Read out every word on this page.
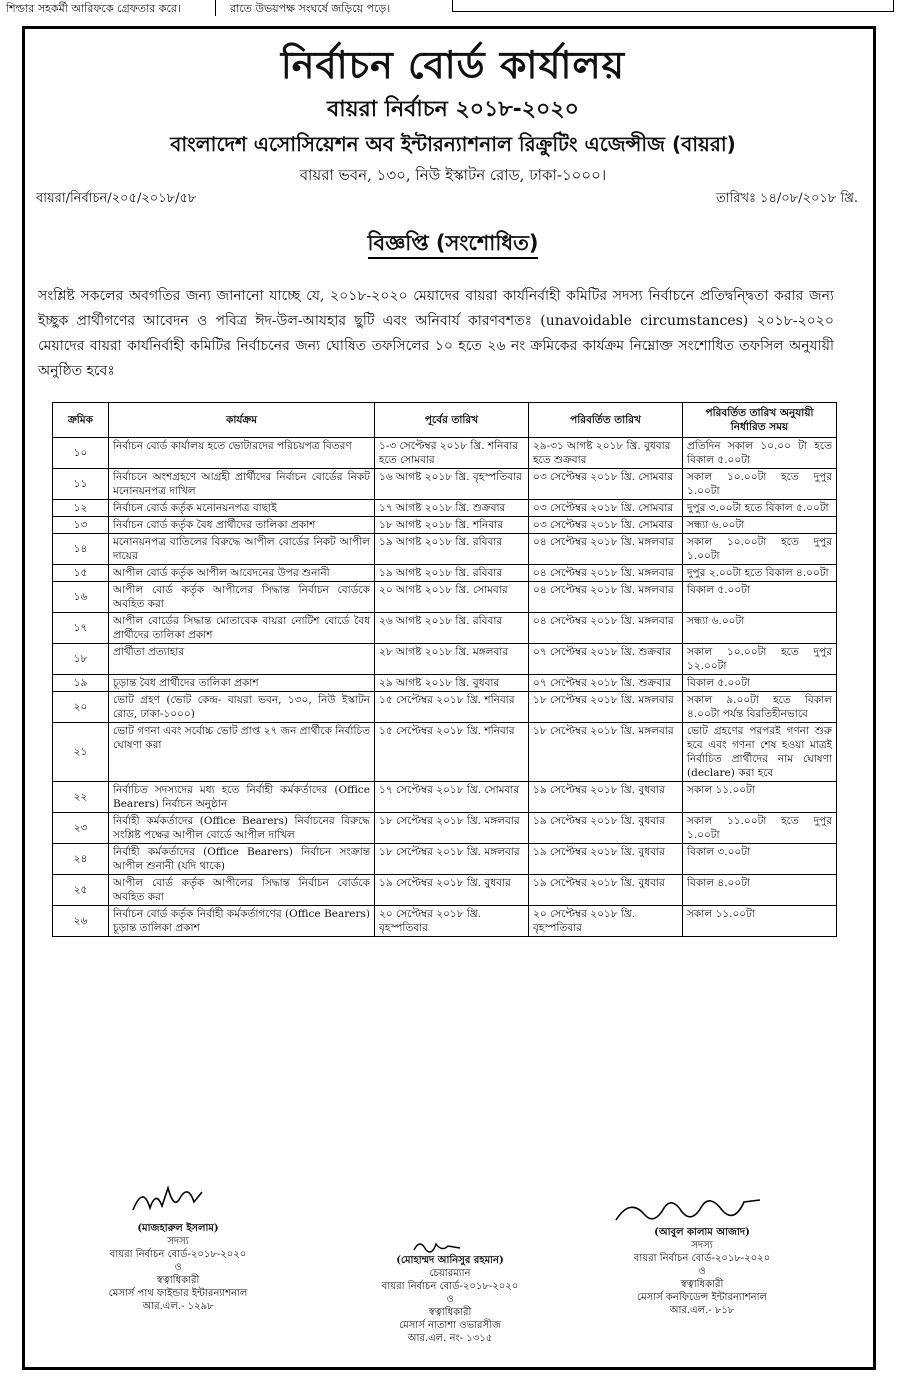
শিল্ডার সহকর্মী আরিফকে গ্রেফতার করে।	রাতে উভয়পক্ষ সংঘর্ষে জড়িয়ে পড়ে।
নির্বাচন বোর্ড কার্যালয়
বায়রা নির্বাচন ২০১৮-২০২০
বাংলাদেশ এসোসিয়েশন অব ইন্টারন্যাশনাল রিক্রুটিং এজেন্সীজ (বায়রা)
বায়রা ভবন, ১৩০, নিউ ইস্কাটন রোড, ঢাকা-১০০০।
বায়রা/নির্বাচন/২০৫/২০১৮/৫৮	তারিখঃ ১৪/০৮/২০১৮ খ্রি.
বিজ্ঞপ্তি (সংশোধিত)
সংশ্লিষ্ট সকলের অবগতির জন্য জানানো যাচ্ছে যে, ২০১৮-২০২০ মেয়াদের বায়রা কার্যনির্বাহী কমিটির সদস্য নির্বাচনে প্রতিদ্বন্দ্বিতা করার জন্য ইচ্ছুক প্রার্থীগণের আবেদন ও পবিত্র ঈদ-উল-আযহার ছুটি এবং অনিবার্য কারণবশতঃ (unavoidable circumstances) ২০১৮-২০২০ মেয়াদের বায়রা কার্যনির্বাহী কমিটির নির্বাচনের জন্য ঘোষিত তফসিলের ১০ হতে ২৬ নং ক্রমিকের কার্যক্রম নিম্নোক্ত সংশোধিত তফসিল অনুযায়ী অনুষ্ঠিত হবেঃ
ক্রমিক	কার্যক্রম	পূর্বের তারিখ	পরিবর্তিত তারিখ	পরিবর্তিত তারিখ অনুযায়ী নির্ধারিত সময়
১০	নির্বাচন বোর্ড কার্যালয় হতে ভোটারদের পরিচয়পত্র বিতরণ	১-৩ সেপ্টেম্বর ২০১৮ খ্রি. শনিবার হতে সোমবার	২৯-৩১ আগষ্ট ২০১৮ খ্রি. বুধবার হতে শুক্রবার	প্রতিদিন সকাল ১০.০০ টা হতে বিকাল ৫.০০টা
১১	নির্বাচনে অংশগ্রহণে আগ্রহী প্রার্থীদের নির্বাচন বোর্ডের নিকট মনোনয়নপত্র দাখিল	১৬ আগষ্ট ২০১৮ খ্রি. বৃহস্পতিবার	০৩ সেপ্টেম্বর ২০১৮ খ্রি. সোমবার	সকাল ১০.০০টা হতে দুপুর ১.০০টা
১২	নির্বাচন বোর্ড কর্তৃক মনোনয়নপত্র বাছাই	১৭ আগষ্ট ২০১৮ খ্রি. শুক্রবার	০৩ সেপ্টেম্বর ২০১৮ খ্রি. সোমবার	দুপুর ৩.০০টা হতে বিকাল ৫.০০টা
১৩	নির্বাচন বোর্ড কর্তৃক বৈধ প্রার্থীদের তালিকা প্রকাশ	১৮ আগষ্ট ২০১৮ খ্রি. শনিবার	০৩ সেপ্টেম্বর ২০১৮ খ্রি. সোমবার	সন্ধ্যা ৬.০০টা
১৪	মনোনয়নপত্র বাতিলের বিরুদ্ধে আপীল বোর্ডের নিকট আপীল দায়ের	১৯ আগষ্ট ২০১৮ খ্রি. রবিবার	০৪ সেপ্টেম্বর ২০১৮ খ্রি. মঙ্গলবার	সকাল ১০.০০টা হতে দুপুর ১.০০টা
১৫	আপীল বোর্ড কর্তৃক আপীল আবেদনের উপর শুনানী	১৯ আগষ্ট ২০১৮ খ্রি. রবিবার	০৪ সেপ্টেম্বর ২০১৮ খ্রি. মঙ্গলবার	দুপুর ২.০০টা হতে বিকাল ৪.০০টা
১৬	আপীল বোর্ড কর্তৃক আপীলের সিদ্ধান্ত নির্বাচন বোর্ডকে অবহিত করা	২০ আগষ্ট ২০১৮ খ্রি. সোমবার	০৪ সেপ্টেম্বর ২০১৮ খ্রি. মঙ্গলবার	বিকাল ৫.০০টা
১৭	আপীল বোর্ডের সিদ্ধান্ত মোতাবেক বায়রা নোটিশ বোর্ডে বৈধ প্রার্থীদের তালিকা প্রকাশ	২৬ আগষ্ট ২০১৮ খ্রি. রবিবার	০৪ সেপ্টেম্বর ২০১৮ খ্রি. মঙ্গলবার	সন্ধ্যা ৬.০০টা
১৮	প্রার্থীতা প্রত্যাহার	২৮ আগষ্ট ২০১৮ খ্রি. মঙ্গলবার	০৭ সেপ্টেম্বর ২০১৮ খ্রি. শুক্রবার	সকাল ১০.০০টা হতে দুপুর ১২.০০টা
১৯	চূড়ান্ত বৈধ প্রার্থীদের তালিকা প্রকাশ	২৯ আগষ্ট ২০১৮ খ্রি. বুধবার	০৭ সেপ্টেম্বর ২০১৮ খ্রি. শুক্রবার	বিকাল ৫.০০টা
২০	ভোট গ্রহণ (ভোট কেন্দ্র- বায়রা ভবন, ১৩০, নিউ ইস্কাটন রোড, ঢাকা-১০০০)	১৫ সেপ্টেম্বর ২০১৮ খ্রি. শনিবার	১৮ সেপ্টেম্বর ২০১৮ খ্রি. মঙ্গলবার	সকাল ৯.০০টা হতে বিকাল ৪.০০টা পর্যন্ত বিরতিহীনভাবে
২১	ভোট গণনা এবং সর্বোচ্চ ভোট প্রাপ্ত ২৭ জন প্রার্থীকে নির্বাচিত ঘোষণা করা	১৫ সেপ্টেম্বর ২০১৮ খ্রি. শনিবার	১৮ সেপ্টেম্বর ২০১৮ খ্রি. মঙ্গলবার	ভোট গ্রহণের পরপরই গণনা শুরু হবে এবং গণনা শেষ হওয়া মাত্রই নির্বাচিত প্রার্থীদের নাম ঘোষণা (declare) করা হবে
২২	নির্বাচিত সদস্যদের মধ্য হতে নির্বাহী কর্মকর্তাদের (Office Bearers) নির্বাচন অনুষ্ঠান	১৭ সেপ্টেম্বর ২০১৮ খ্রি. সোমবার	১৯ সেপ্টেম্বর ২০১৮ খ্রি. বুধবার	সকাল ১১.০০টা
২৩	নির্বাহী কর্মকর্তাদের (Office Bearers) নির্বাচনের বিরুদ্ধে সংশ্লিষ্ট পক্ষের আপীল বোর্ডে আপীল দাখিল	১৮ সেপ্টেম্বর ২০১৮ খ্রি. মঙ্গলবার	১৯ সেপ্টেম্বর ২০১৮ খ্রি. বুধবার	সকাল ১১.০০টা হতে দুপুর ১.০০টা
২৪	নির্বাহী কর্মকর্তাদের (Office Bearers) নির্বাচন সংক্রান্ত আপীল শুনানী (যদি থাকে)	১৮ সেপ্টেম্বর ২০১৮ খ্রি. মঙ্গলবার	১৯ সেপ্টেম্বর ২০১৮ খ্রি. বুধবার	বিকাল ৩.০০টা
২৫	আপীল বোর্ড কর্তৃক আপীলের সিদ্ধান্ত নির্বাচন বোর্ডকে অবহিত করা	১৯ সেপ্টেম্বর ২০১৮ খ্রি. বুধবার	১৯ সেপ্টেম্বর ২০১৮ খ্রি. বুধবার	বিকাল ৪.০০টা
২৬	নির্বাচন বোর্ড কর্তৃক নির্বাহী কর্মকর্তাগণের (Office Bearers) চূড়ান্ত তালিকা প্রকাশ	২০ সেপ্টেম্বর ২০১৮ খ্রি. বৃহস্পতিবার	২০ সেপ্টেম্বর ২০১৮ খ্রি. বৃহস্পতিবার	সকাল ১১.০০টা
(মাজহারুল ইসলাম)
সদস্য
বায়রা নির্বাচন বোর্ড-২০১৮-২০২০
ও
স্বত্বাধিকারী
মেসার্স পাথ ফাইন্ডার ইন্টারন্যাশনাল
আর.এল.- ১২৯৮
(মোহাম্মদ আনিসুর রহমান)
চেয়ারম্যান
বায়রা নির্বাচন বোর্ড-২০১৮-২০২০
ও
স্বত্বাধিকারী
মেসার্স নাতাশা ওভারসীজ
আর.এল. নং- ১৩১৫
(আবুল কালাম আজাদ)
সদস্য
বায়রা নির্বাচন বোর্ড-২০১৮-২০২০
ও
স্বত্বাধিকারী
মেসার্স কনফিডেন্স ইন্টারন্যাশনাল
আর.এল.- ৮১৮
